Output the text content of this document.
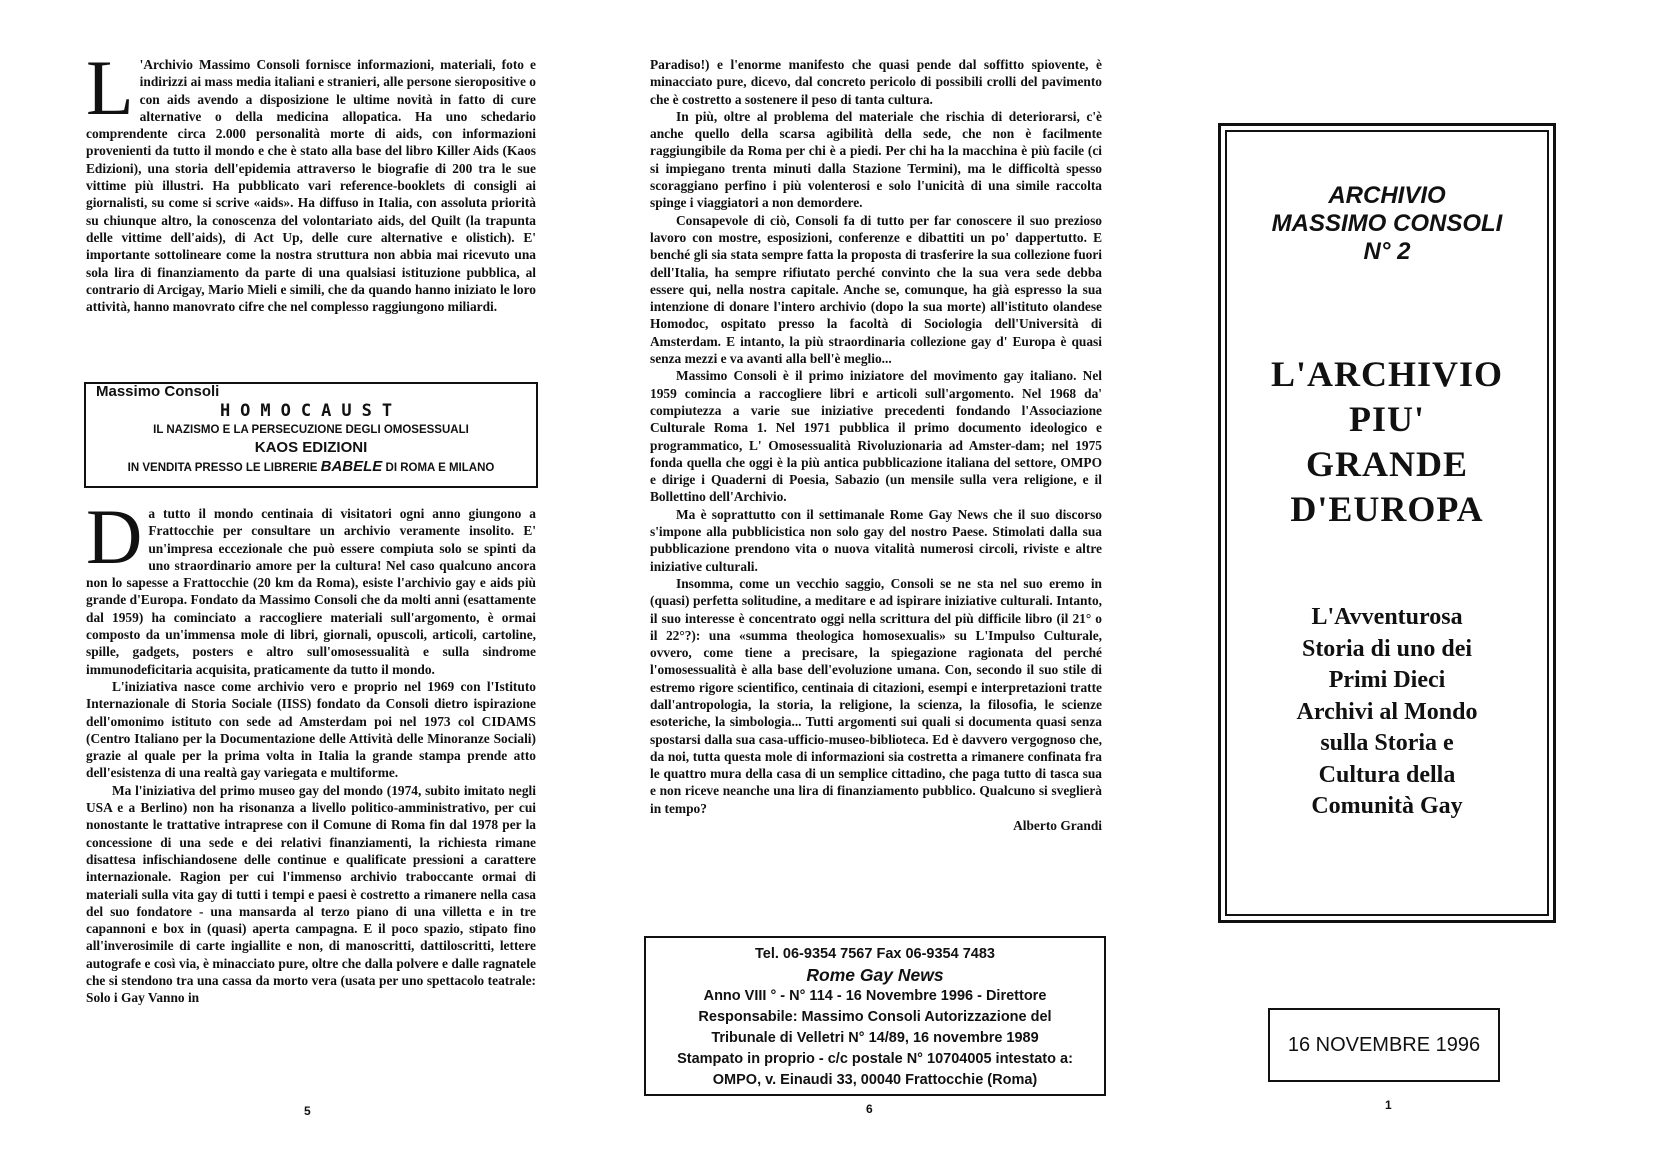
L 'Archivio Massimo Consoli fornisce informazioni, materiali, foto e indirizzi ai mass media italiani e stranieri, alle persone sieropositive o con aids avendo a disposizione le ultime novità in fatto di cure alternative o della medicina allopatica. Ha uno schedario comprendente circa 2.000 personalità morte di aids, con informazioni provenienti da tutto il mondo e che è stato alla base del libro Killer Aids (Kaos Edizioni), una storia dell'epidemia attraverso le biografie di 200 tra le sue vittime più illustri. Ha pubblicato vari reference-booklets di consigli ai giornalisti, su come si scrive «aids». Ha diffuso in Italia, con assoluta priorità su chiunque altro, la conoscenza del volontariato aids, del Quilt (la trapunta delle vittime dell'aids), di Act Up, delle cure alternative e olistich). E' importante sottolineare come la nostra struttura non abbia mai ricevuto una sola lira di finanziamento da parte di una qualsiasi istituzione pubblica, al contrario di Arcigay, Mario Mieli e simili, che da quando hanno iniziato le loro attività, hanno manovrato cifre che nel complesso raggiungono miliardi.

Massimo Consoli
HOMOCAUST
IL NAZISMO E LA PERSECUZIONE DEGLI OMOSESSUALI
KAOS EDIZIONI
IN VENDITA PRESSO LE LIBRERIE BABELE DI ROMA E MILANO

Da tutto il mondo centinaia di visitatori ogni anno giungono a Frattocchie per consultare un archivio veramente insolito. E' un'impresa eccezionale che può essere compiuta solo se spinti da uno straordinario amore per la cultura! Nel caso qualcuno ancora non lo sapesse a Frattocchie (20 km da Roma), esiste l'archivio gay e aids più grande d'Europa. Fondato da Massimo Consoli che da molti anni (esattamente dal 1959) ha cominciato a raccogliere materiali sull'argomento, è ormai composto da un'immensa mole di libri, giornali, opuscoli, articoli, cartoline, spille, gadgets, posters e altro sull'omosessualità e sulla sindrome immunodeficitaria acquisita, praticamente da tutto il mondo.

L'iniziativa nasce come archivio vero e proprio nel 1969 con l'Istituto Internazionale di Storia Sociale (IISS) fondato da Consoli dietro ispirazione dell'omonimo istituto con sede ad Amsterdam poi nel 1973 col CIDAMS (Centro Italiano per la Documentazione delle Attività delle Minoranze Sociali) grazie al quale per la prima volta in Italia la grande stampa prende atto dell'esistenza di una realtà gay variegata e multiforme.

Ma l'iniziativa del primo museo gay del mondo (1974, subito imitato negli USA e a Berlino) non ha risonanza a livello politico-amministrativo, per cui nonostante le trattative intraprese con il Comune di Roma fin dal 1978 per la concessione di una sede e dei relativi finanziamenti, la richiesta rimane disattesa infischiandosene delle continue e qualificate pressioni a carattere internazionale. Ragion per cui l'immenso archivio traboccante ormai di materiali sulla vita gay di tutti i tempi e paesi è costretto a rimanere nella casa del suo fondatore - una mansarda al terzo piano di una villetta e in tre capannoni e box in (quasi) aperta campagna. E il poco spazio, stipato fino all'inverosimile di carte ingiallite e non, di manoscritti, dattiloscritti, lettere autografe e così via, è minacciato pure, oltre che dalla polvere e dalle ragnatele che si stendono tra una cassa da morto vera (usata per uno spettacolo teatrale: Solo i Gay Vanno in

5

Paradiso!) e l'enorme manifesto che quasi pende dal soffitto spiovente, è minacciato pure, dicevo, dal concreto pericolo di possibili crolli del pavimento che è costretto a sostenere il peso di tanta cultura.

In più, oltre al problema del materiale che rischia di deteriorarsi, c'è anche quello della scarsa agibilità della sede, che non è facilmente raggiungibile da Roma per chi è a piedi. Per chi ha la macchina è più facile (ci si impiegano trenta minuti dalla Stazione Termini), ma le difficoltà spesso scoraggiano perfino i più volenterosi e solo l'unicità di una simile raccolta spinge i viaggiatori a non demordere.

Consapevole di ciò, Consoli fa di tutto per far conoscere il suo prezioso lavoro con mostre, esposizioni, conferenze e dibattiti un po' dappertutto. E benché gli sia stata sempre fatta la proposta di trasferire la sua collezione fuori dell'Italia, ha sempre rifiutato perché convinto che la sua vera sede debba essere qui, nella nostra capitale. Anche se, comunque, ha già espresso la sua intenzione di donare l'intero archivio (dopo la sua morte) all'istituto olandese Homodoc, ospitato presso la facoltà di Sociologia dell'Università di Amsterdam. E intanto, la più straordinaria collezione gay d' Europa è quasi senza mezzi e va avanti alla bell'è meglio...

Massimo Consoli è il primo iniziatore del movimento gay italiano. Nel 1959 comincia a raccogliere libri e articoli sull'argomento. Nel 1968 da' compiutezza a varie sue iniziative precedenti fondando l'Associazione Culturale Roma 1. Nel 1971 pubblica il primo documento ideologico e programmatico, L' Omosessualità Rivoluzionaria ad Amster-dam; nel 1975 fonda quella che oggi è la più antica pubblicazione italiana del settore, OMPO e dirige i Quaderni di Poesia, Sabazio (un mensile sulla vera religione, e il Bollettino dell'Archivio.

Ma è soprattutto con il settimanale Rome Gay News che il suo discorso s'impone alla pubblicistica non solo gay del nostro Paese. Stimolati dalla sua pubblicazione prendono vita o nuova vitalità numerosi circoli, riviste e altre iniziative culturali.

Insomma, come un vecchio saggio, Consoli se ne sta nel suo eremo in (quasi) perfetta solitudine, a meditare e ad ispirare iniziative culturali. Intanto, il suo interesse è concentrato oggi nella scrittura del più difficile libro (il 21° o il 22°?): una «summa theologica homosexualis» su L'Impulso Culturale, ovvero, come tiene a precisare, la spiegazione ragionata del perché l'omosessualità è alla base dell'evoluzione umana. Con, secondo il suo stile di estremo rigore scientifico, centinaia di citazioni, esempi e interpretazioni tratte dall'antropologia, la storia, la religione, la scienza, la filosofia, le scienze esoteriche, la simbologia... Tutti argomenti sui quali si documenta quasi senza spostarsi dalla sua casa-ufficio-museo-biblioteca. Ed è davvero vergognoso che, da noi, tutta questa mole di informazioni sia costretta a rimanere confinata fra le quattro mura della casa di un semplice cittadino, che paga tutto di tasca sua e non riceve neanche una lira di finanziamento pubblico. Qualcuno si sveglierà in tempo?

Alberto Grandi

Tel. 06-9354 7567 Fax 06-9354 7483
Rome Gay News
Anno VIII ° - N° 114 - 16 Novembre 1996 - Direttore
Responsabile: Massimo Consoli Autorizzazione del
Tribunale di Velletri N° 14/89, 16 novembre 1989
Stampato in proprio - c/c postale N° 10704005 intestato a:
OMPO, v. Einaudi 33, 00040 Frattocchie (Roma)
6
ARCHIVIO
MASSIMO CONSOLI
N° 2
L'ARCHIVIO
PIU'
GRANDE
D'EUROPA
L'Avventurosa
Storia di uno dei
Primi Dieci
Archivi al Mondo
sulla Storia e
Cultura della
Comunità Gay
16 NOVEMBRE 1996
1
